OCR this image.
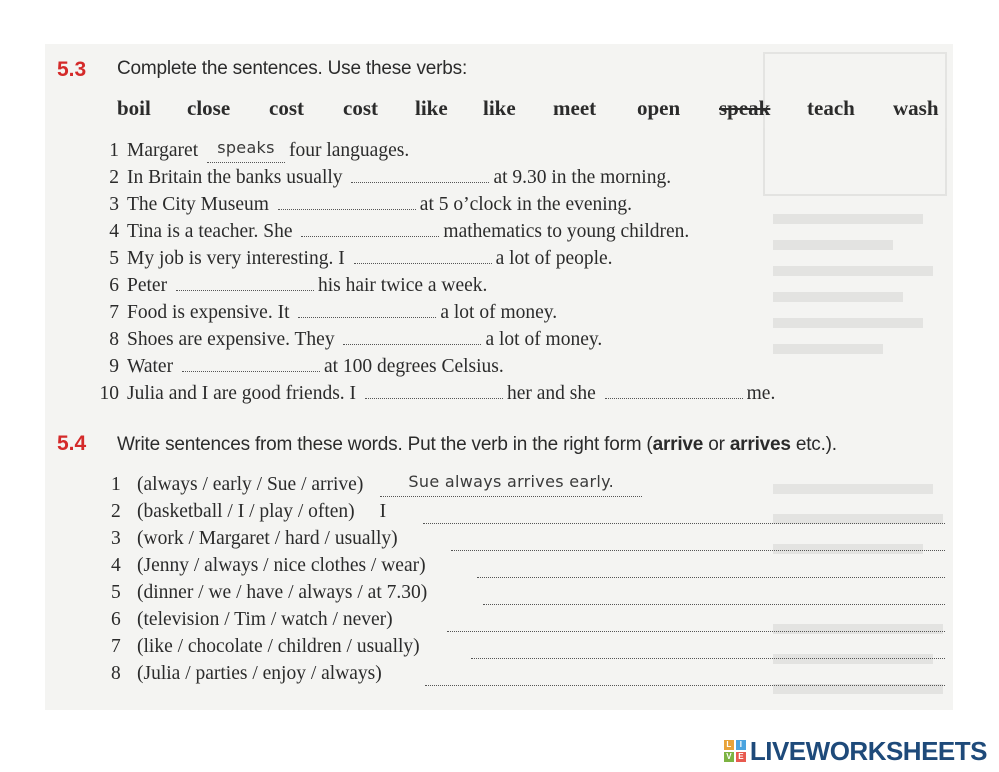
5.3 Complete the sentences. Use these verbs:
boil close cost cost like like meet open speak teach wash
1 Margaret speaks four languages.
2 In Britain the banks usually	at 9.30 in the morning.
3 The City Museum	at 5 o’clock in the evening.
4 Tina is a teacher. She	mathematics to young children.
5 My job is very interesting. I	a lot of people.
6 Peter	his hair twice a week.
7 Food is expensive. It	a lot of money.
8 Shoes are expensive. They	a lot of money.
9 Water	at 100 degrees Celsius.
10 Julia and I are good friends. I	her and she	me.
5.4 Write sentences from these words. Put the verb in the right form (arrive or arrives etc.).
1 (always / early / Sue / arrive)	Sue always arrives early.
2 (basketball / I / play / often) I
3 (work / Margaret / hard / usually)
4 (Jenny / always / nice clothes / wear)
5 (dinner / we / have / always / at 7.30)
6 (television / Tim / watch / never)
7 (like / chocolate / children / usually)
8 (Julia / parties / enjoy / always)
L	I
V E LIVEWORKSHEETS
